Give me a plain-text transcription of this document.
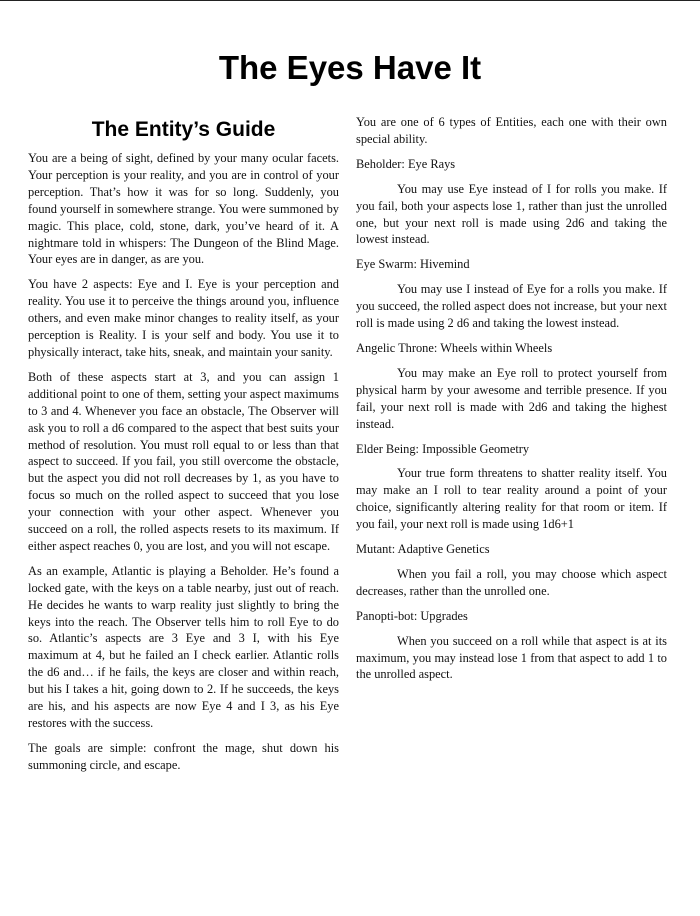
The Eyes Have It
The Entity’s Guide

You are a being of sight, defined by your many ocular facets. Your perception is your reality, and you are in control of your perception. That’s how it was for so long. Suddenly, you found yourself in somewhere strange. You were summoned by magic. This place, cold, stone, dark, you’ve heard of it. A nightmare told in whispers: The Dungeon of the Blind Mage. Your eyes are in danger, as are you.

You have 2 aspects: Eye and I. Eye is your perception and reality. You use it to perceive the things around you, influence others, and even make minor changes to reality itself, as your perception is Reality. I is your self and body. You use it to physically interact, take hits, sneak, and maintain your sanity.

Both of these aspects start at 3, and you can assign 1 additional point to one of them, setting your aspect maximums to 3 and 4. Whenever you face an obstacle, The Observer will ask you to roll a d6 compared to the aspect that best suits your method of resolution. You must roll equal to or less than that aspect to succeed. If you fail, you still overcome the obstacle, but the aspect you did not roll decreases by 1, as you have to focus so much on the rolled aspect to succeed that you lose your connection with your other aspect. Whenever you succeed on a roll, the rolled aspects resets to its maximum. If either aspect reaches 0, you are lost, and you will not escape.

As an example, Atlantic is playing a Beholder. He’s found a locked gate, with the keys on a table nearby, just out of reach. He decides he wants to warp reality just slightly to bring the keys into the reach. The Observer tells him to roll Eye to do so. Atlantic’s aspects are 3 Eye and 3 I, with his Eye maximum at 4, but he failed an I check earlier. Atlantic rolls the d6 and… if he fails, the keys are closer and within reach, but his I takes a hit, going down to 2. If he succeeds, the keys are his, and his aspects are now Eye 4 and I 3, as his Eye restores with the success.

The goals are simple: confront the mage, shut down his summoning circle, and escape.

You are one of 6 types of Entities, each one with their own special ability.

Beholder: Eye Rays

You may use Eye instead of I for rolls you make. If you fail, both your aspects lose 1, rather than just the unrolled one, but your next roll is made using 2d6 and taking the lowest instead.

Eye Swarm: Hivemind

You may use I instead of Eye for a rolls you make. If you succeed, the rolled aspect does not increase, but your next roll is made using 2 d6 and taking the lowest instead.

Angelic Throne: Wheels within Wheels

You may make an Eye roll to protect yourself from physical harm by your awesome and terrible presence. If you fail, your next roll is made with 2d6 and taking the highest instead.

Elder Being: Impossible Geometry

Your true form threatens to shatter reality itself. You may make an I roll to tear reality around a point of your choice, significantly altering reality for that room or item. If you fail, your next roll is made using 1d6+1

Mutant: Adaptive Genetics

When you fail a roll, you may choose which aspect decreases, rather than the unrolled one.

Panopti-bot: Upgrades

When you succeed on a roll while that aspect is at its maximum, you may instead lose 1 from that aspect to add 1 to the unrolled aspect.
